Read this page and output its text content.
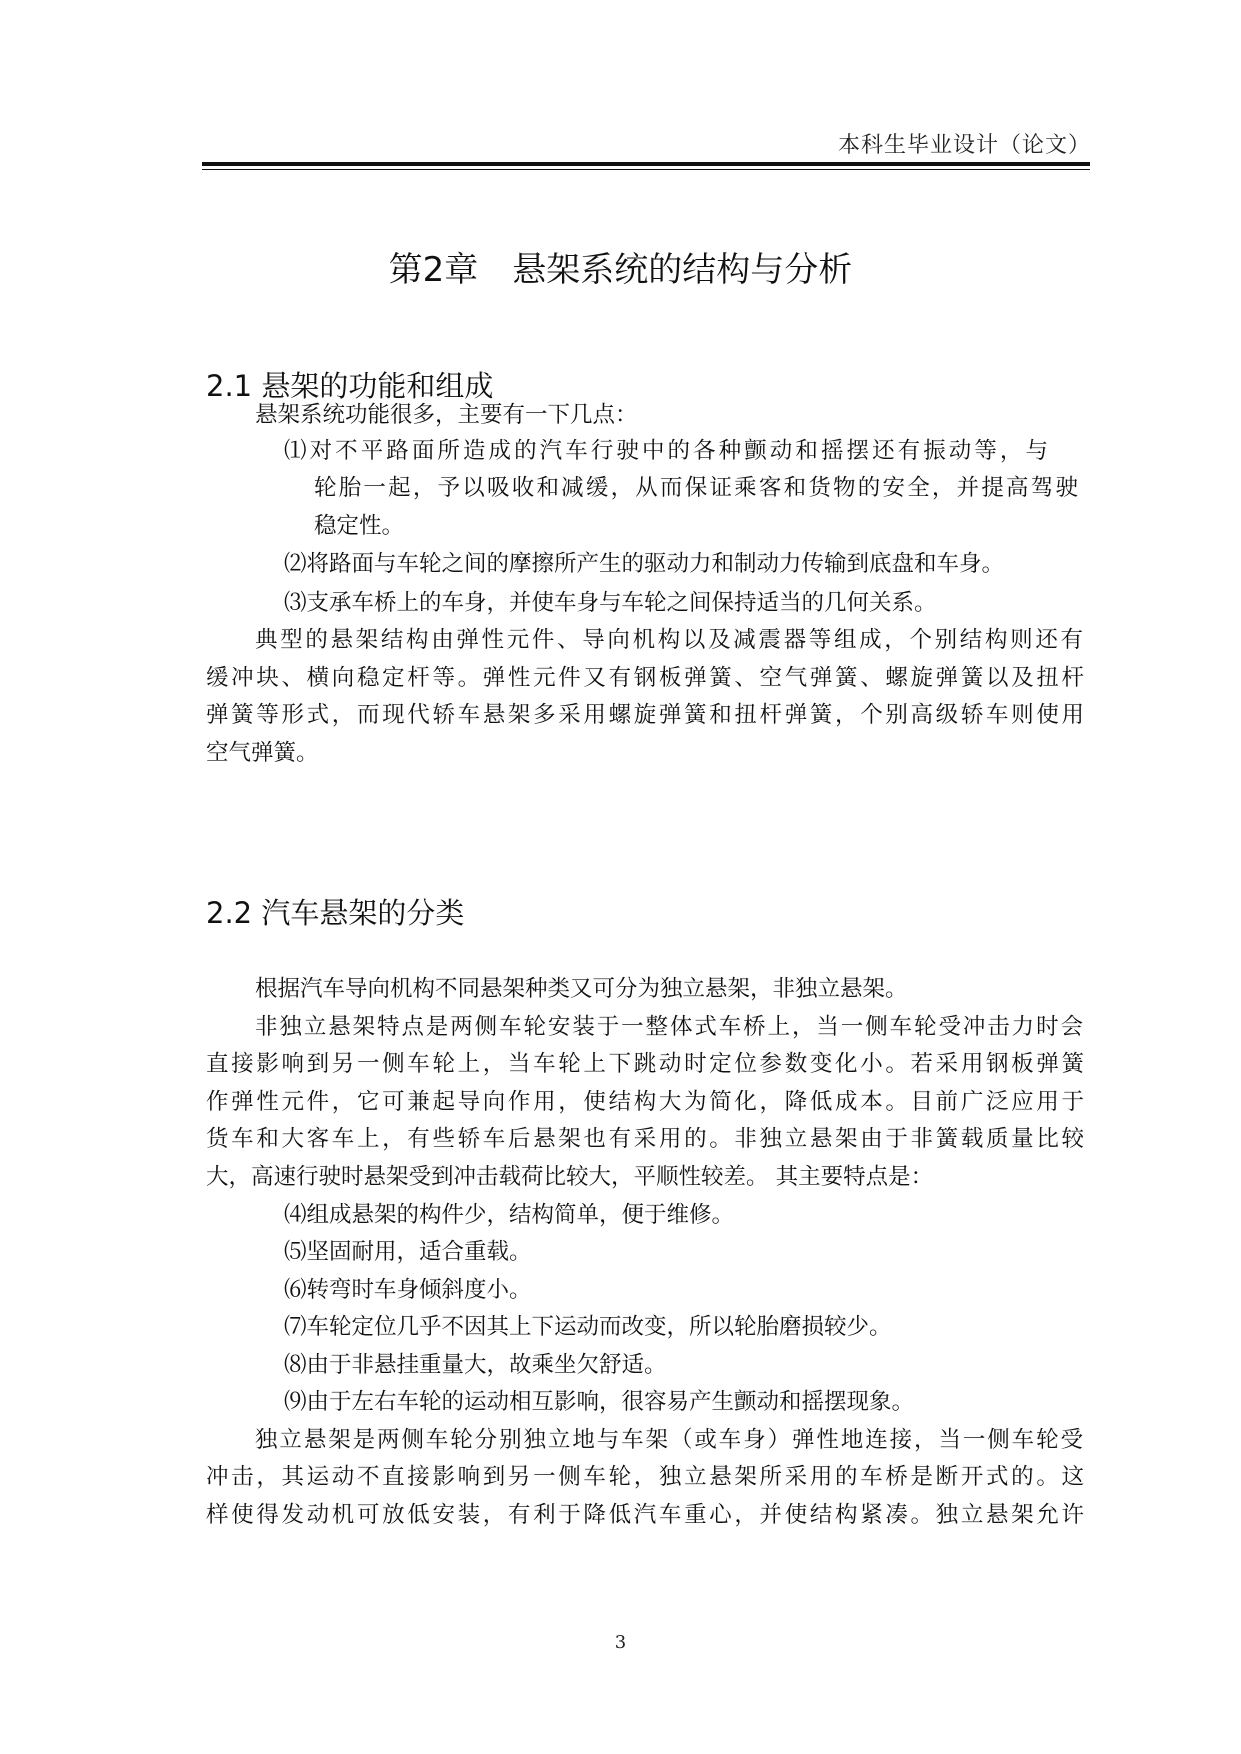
本科生毕业设计（论文）
第2章　悬架系统的结构与分析
2.1 悬架的功能和组成
悬架系统功能很多，主要有一下几点：
⑴对不平路面所造成的汽车行驶中的各种颤动和摇摆还有振动等，与
轮胎一起，予以吸收和减缓，从而保证乘客和货物的安全，并提高驾驶
稳定性。
⑵将路面与车轮之间的摩擦所产生的驱动力和制动力传输到底盘和车身。
⑶支承车桥上的车身，并使车身与车轮之间保持适当的几何关系。
典型的悬架结构由弹性元件、导向机构以及减震器等组成，个别结构则还有
缓冲块、横向稳定杆等。弹性元件又有钢板弹簧、空气弹簧、螺旋弹簧以及扭杆
弹簧等形式，而现代轿车悬架多采用螺旋弹簧和扭杆弹簧，个别高级轿车则使用
空气弹簧。
2.2 汽车悬架的分类
根据汽车导向机构不同悬架种类又可分为独立悬架，非独立悬架。
非独立悬架特点是两侧车轮安装于一整体式车桥上，当一侧车轮受冲击力时会
直接影响到另一侧车轮上，当车轮上下跳动时定位参数变化小。若采用钢板弹簧
作弹性元件，它可兼起导向作用，使结构大为简化，降低成本。目前广泛应用于
货车和大客车上，有些轿车后悬架也有采用的。非独立悬架由于非簧载质量比较
大，高速行驶时悬架受到冲击载荷比较大，平顺性较差。 其主要特点是：
⑷组成悬架的构件少，结构简单，便于维修。
⑸坚固耐用，适合重载。
⑹转弯时车身倾斜度小。
⑺车轮定位几乎不因其上下运动而改变，所以轮胎磨损较少。
⑻由于非悬挂重量大，故乘坐欠舒适。
⑼由于左右车轮的运动相互影响，很容易产生颤动和摇摆现象。
独立悬架是两侧车轮分别独立地与车架（或车身）弹性地连接，当一侧车轮受
冲击，其运动不直接影响到另一侧车轮，独立悬架所采用的车桥是断开式的。这
样使得发动机可放低安装，有利于降低汽车重心，并使结构紧凑。独立悬架允许
3
